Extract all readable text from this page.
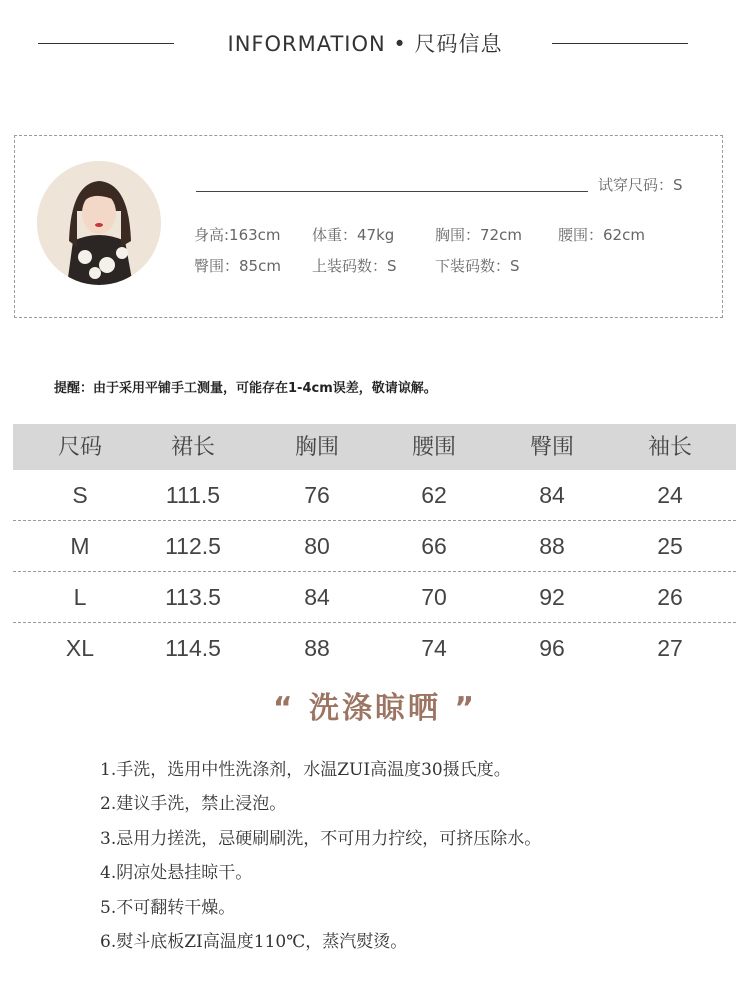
INFORMATION • 尺码信息
试穿尺码：S
身高:163cm 体重：47kg	胸围：72cm 腰围：62cm
臀围：85cm 上装码数：S	下装码数：S
提醒：由于采用平铺手工测量，可能存在1-4cm误差，敬请谅解。
尺码	裙长	胸围	腰围	臀围	袖长
S	111.5	76	62	84	24
M	112.5	80	66	88	25
L	113.5	84	70	92	26
XL	114.5	88	74	96	27
“ 洗涤晾晒 ”
1.手洗，选用中性洗涤剂，水温ZUI高温度30摄氏度。
2.建议手洗，禁止浸泡。
3.忌用力搓洗，忌硬刷刷洗，不可用力拧绞，可挤压除水。
4.阴凉处悬挂晾干。
5.不可翻转干燥。
6.熨斗底板ZI高温度110℃，蒸汽熨烫。
